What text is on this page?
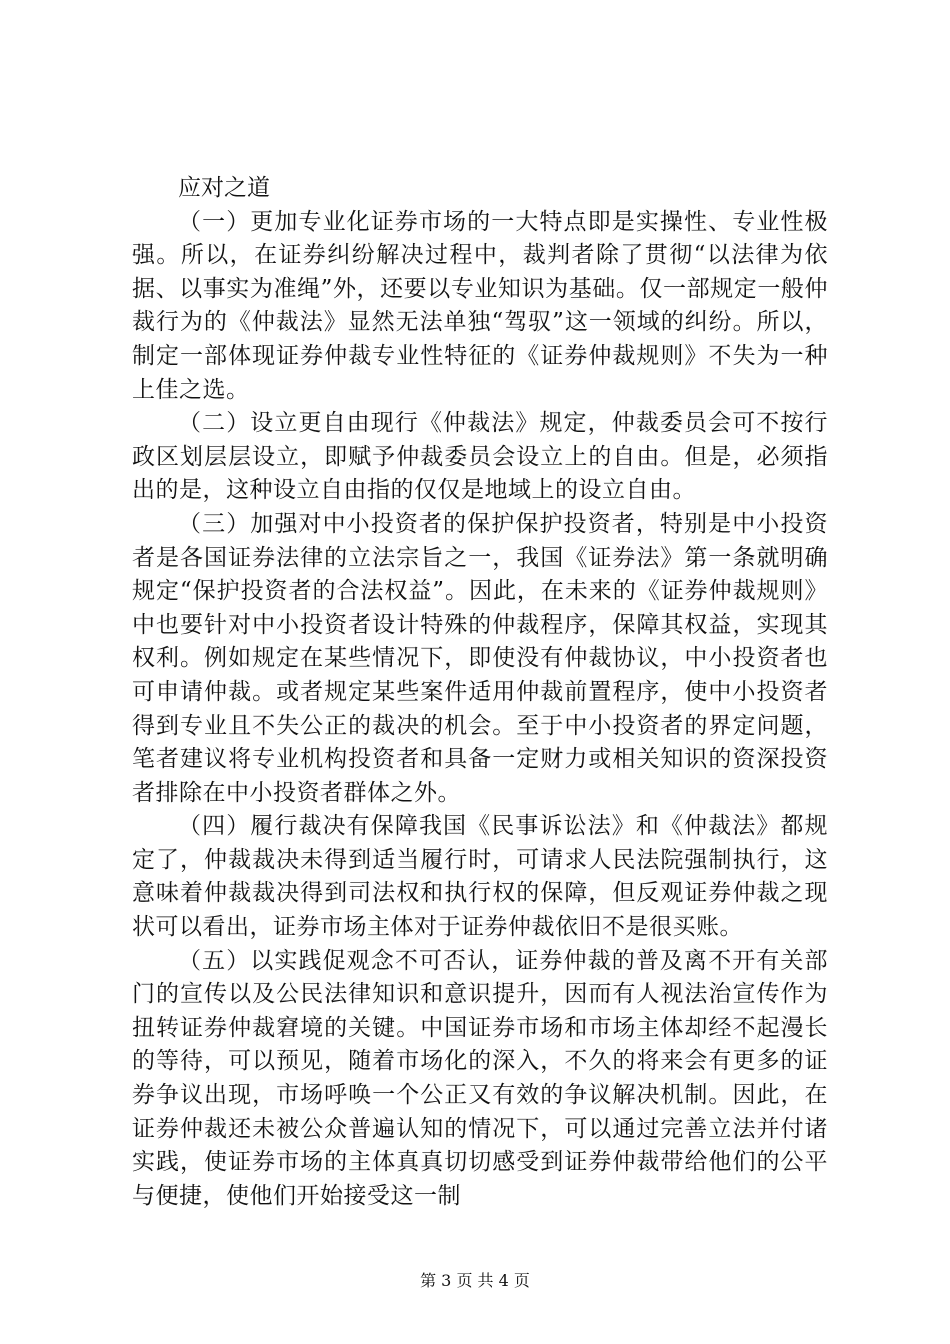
应对之道

（一）更加专业化证券市场的一大特点即是实操性、专业性极强。所以，在证券纠纷解决过程中，裁判者除了贯彻“以法律为依据、以事实为准绳”外，还要以专业知识为基础。仅一部规定一般仲裁行为的《仲裁法》显然无法单独“驾驭”这一领域的纠纷。所以，制定一部体现证券仲裁专业性特征的《证券仲裁规则》不失为一种上佳之选。

（二）设立更自由现行《仲裁法》规定，仲裁委员会可不按行政区划层层设立，即赋予仲裁委员会设立上的自由。但是，必须指出的是，这种设立自由指的仅仅是地域上的设立自由。

（三）加强对中小投资者的保护保护投资者，特别是中小投资者是各国证券法律的立法宗旨之一，我国《证券法》第一条就明确规定“保护投资者的合法权益”。因此，在未来的《证券仲裁规则》中也要针对中小投资者设计特殊的仲裁程序，保障其权益，实现其权利。例如规定在某些情况下，即使没有仲裁协议，中小投资者也可申请仲裁。或者规定某些案件适用仲裁前置程序，使中小投资者得到专业且不失公正的裁决的机会。至于中小投资者的界定问题，笔者建议将专业机构投资者和具备一定财力或相关知识的资深投资者排除在中小投资者群体之外。

（四）履行裁决有保障我国《民事诉讼法》和《仲裁法》都规定了，仲裁裁决未得到适当履行时，可请求人民法院强制执行，这意味着仲裁裁决得到司法权和执行权的保障，但反观证券仲裁之现状可以看出，证券市场主体对于证券仲裁依旧不是很买账。

（五）以实践促观念不可否认，证券仲裁的普及离不开有关部门的宣传以及公民法律知识和意识提升，因而有人视法治宣传作为扭转证券仲裁窘境的关键。中国证券市场和市场主体却经不起漫长的等待，可以预见，随着市场化的深入，不久的将来会有更多的证券争议出现，市场呼唤一个公正又有效的争议解决机制。因此，在证券仲裁还未被公众普遍认知的情况下，可以通过完善立法并付诸实践，使证券市场的主体真真切切感受到证券仲裁带给他们的公平与便捷，使他们开始接受这一制

第 3 页 共 4 页
